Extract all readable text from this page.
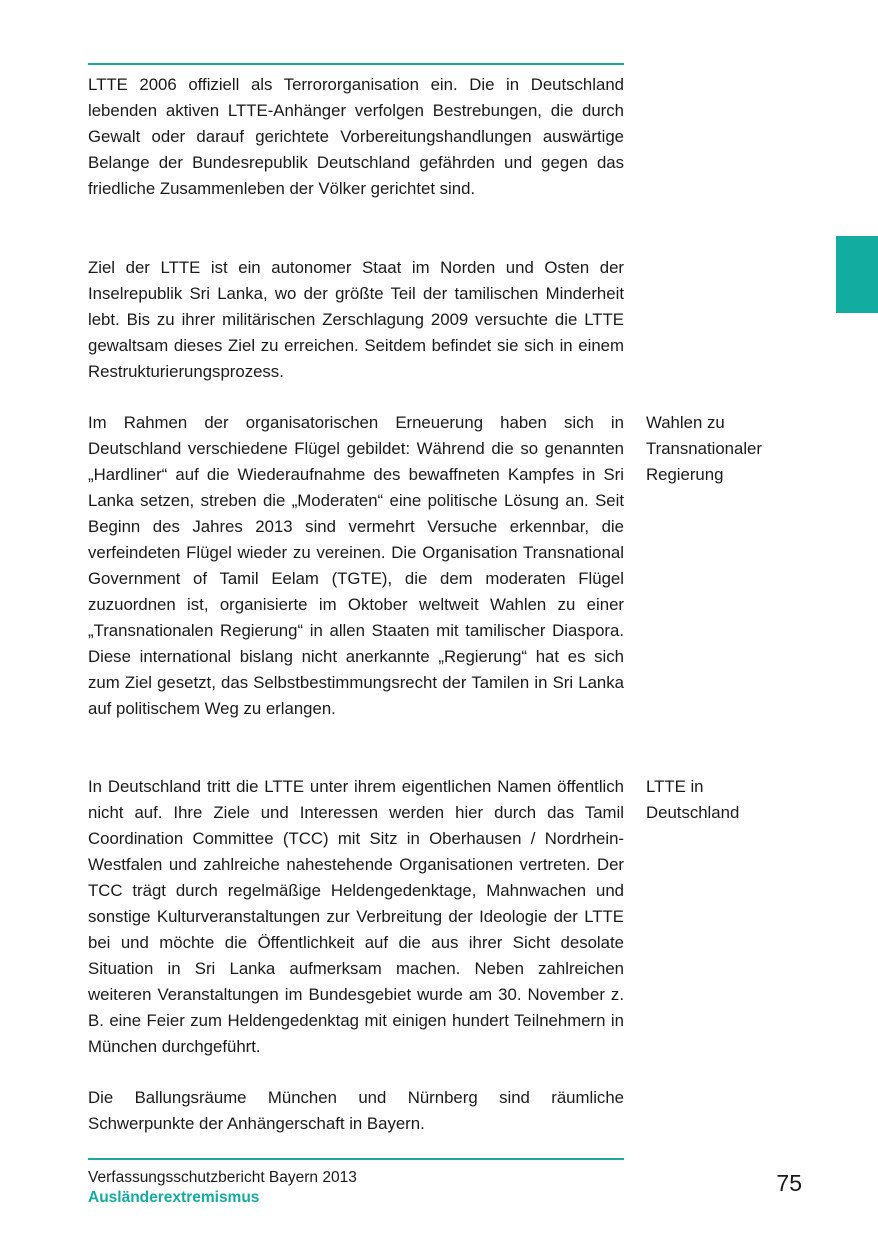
LTTE 2006 offiziell als Terrororganisation ein. Die in Deutschland lebenden aktiven LTTE-Anhänger verfolgen Bestrebungen, die durch Gewalt oder darauf gerichtete Vorbereitungshandlungen auswärtige Belange der Bundesrepublik Deutschland gefährden und gegen das friedliche Zusammenleben der Völker gerichtet sind.

Ziel der LTTE ist ein autonomer Staat im Norden und Osten der Inselrepublik Sri Lanka, wo der größte Teil der tamilischen Minderheit lebt. Bis zu ihrer militärischen Zerschlagung 2009 versuchte die LTTE gewaltsam dieses Ziel zu erreichen. Seitdem befindet sie sich in einem Restrukturierungsprozess.

Im Rahmen der organisatorischen Erneuerung haben sich in Deutschland verschiedene Flügel gebildet: Während die so genannten „Hardliner“ auf die Wiederaufnahme des bewaffneten Kampfes in Sri Lanka setzen, streben die „Moderaten“ eine politische Lösung an. Seit Beginn des Jahres 2013 sind vermehrt Versuche erkennbar, die verfeindeten Flügel wieder zu vereinen. Die Organisation Transnational Government of Tamil Eelam (TGTE), die dem moderaten Flügel zuzuordnen ist, organisierte im Oktober weltweit Wahlen zu einer „Transnationalen Regierung“ in allen Staaten mit tamilischer Diaspora. Diese international bislang nicht anerkannte „Regierung“ hat es sich zum Ziel gesetzt, das Selbstbestimmungsrecht der Tamilen in Sri Lanka auf politischem Weg zu erlangen.

In Deutschland tritt die LTTE unter ihrem eigentlichen Namen öffentlich nicht auf. Ihre Ziele und Interessen werden hier durch das Tamil Coordination Committee (TCC) mit Sitz in Oberhausen / Nordrhein-Westfalen und zahlreiche nahestehende Organisationen vertreten. Der TCC trägt durch regelmäßige Heldengedenktage, Mahnwachen und sonstige Kulturveranstaltungen zur Verbreitung der Ideologie der LTTE bei und möchte die Öffentlichkeit auf die aus ihrer Sicht desolate Situation in Sri Lanka aufmerksam machen. Neben zahlreichen weiteren Veranstaltungen im Bundesgebiet wurde am 30. November z. B. eine Feier zum Heldengedenktag mit einigen hundert Teilnehmern in München durchgeführt.

Die Ballungsräume München und Nürnberg sind räumliche Schwerpunkte der Anhängerschaft in Bayern.

Wahlen zu
Transnationaler
Regierung

LTTE in
Deutschland

Verfassungsschutzbericht Bayern 2013
Ausländerextremismus
75
